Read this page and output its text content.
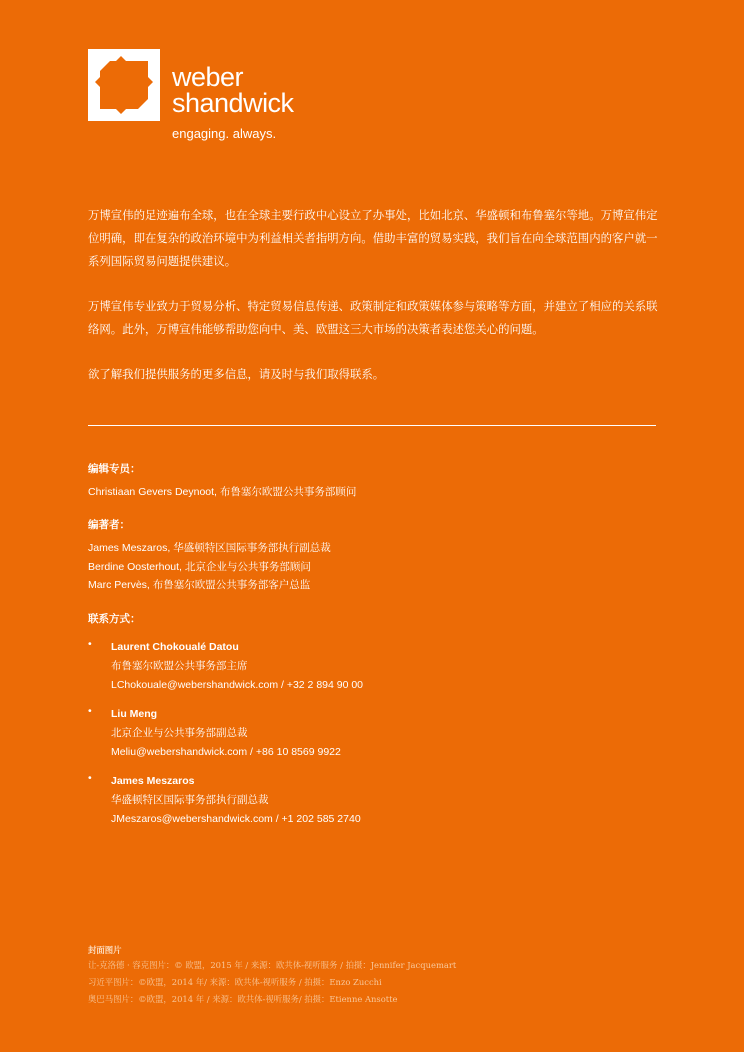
weber
shandwick
engaging. always.

万博宣伟的足迹遍布全球，也在全球主要行政中心设立了办事处，比如北京、华盛顿和布鲁塞尔等地。万博宣伟定位明确，即在复杂的政治环境中为利益相关者指明方向。借助丰富的贸易实践，我们旨在向全球范围内的客户就一系列国际贸易问题提供建议。

万博宣伟专业致力于贸易分析、特定贸易信息传递、政策制定和政策媒体参与策略等方面，并建立了相应的关系联络网。此外，万博宣伟能够帮助您向中、美、欧盟这三大市场的决策者表述您关心的问题。

欲了解我们提供服务的更多信息，请及时与我们取得联系。

编辑专员：
Christiaan Gevers Deynoot, 布鲁塞尔欧盟公共事务部顾问
编著者：
James Meszaros, 华盛顿特区国际事务部执行副总裁
Berdine Oosterhout, 北京企业与公共事务部顾问
Marc Pervès, 布鲁塞尔欧盟公共事务部客户总监
联系方式：
• Laurent Chokoualé Datou
布鲁塞尔欧盟公共事务部主席
LChokouale@webershandwick.com / +32 2 894 90 00
• Liu Meng
北京企业与公共事务部副总裁
Meliu@webershandwick.com / +86 10 8569 9922
• James Meszaros
华盛顿特区国际事务部执行副总裁
JMeszaros@webershandwick.com / +1 202 585 2740
封面图片
让-克洛德 · 容克图片：© 欧盟，2015 年 / 来源：欧共体-视听服务 / 拍摄：Jennifer Jacquemart
习近平图片：©欧盟，2014 年/ 来源：欧共体-视听服务 / 拍摄：Enzo Zucchi
奥巴马图片：©欧盟，2014 年 / 来源：欧共体-视听服务/ 拍摄：Etienne Ansotte
